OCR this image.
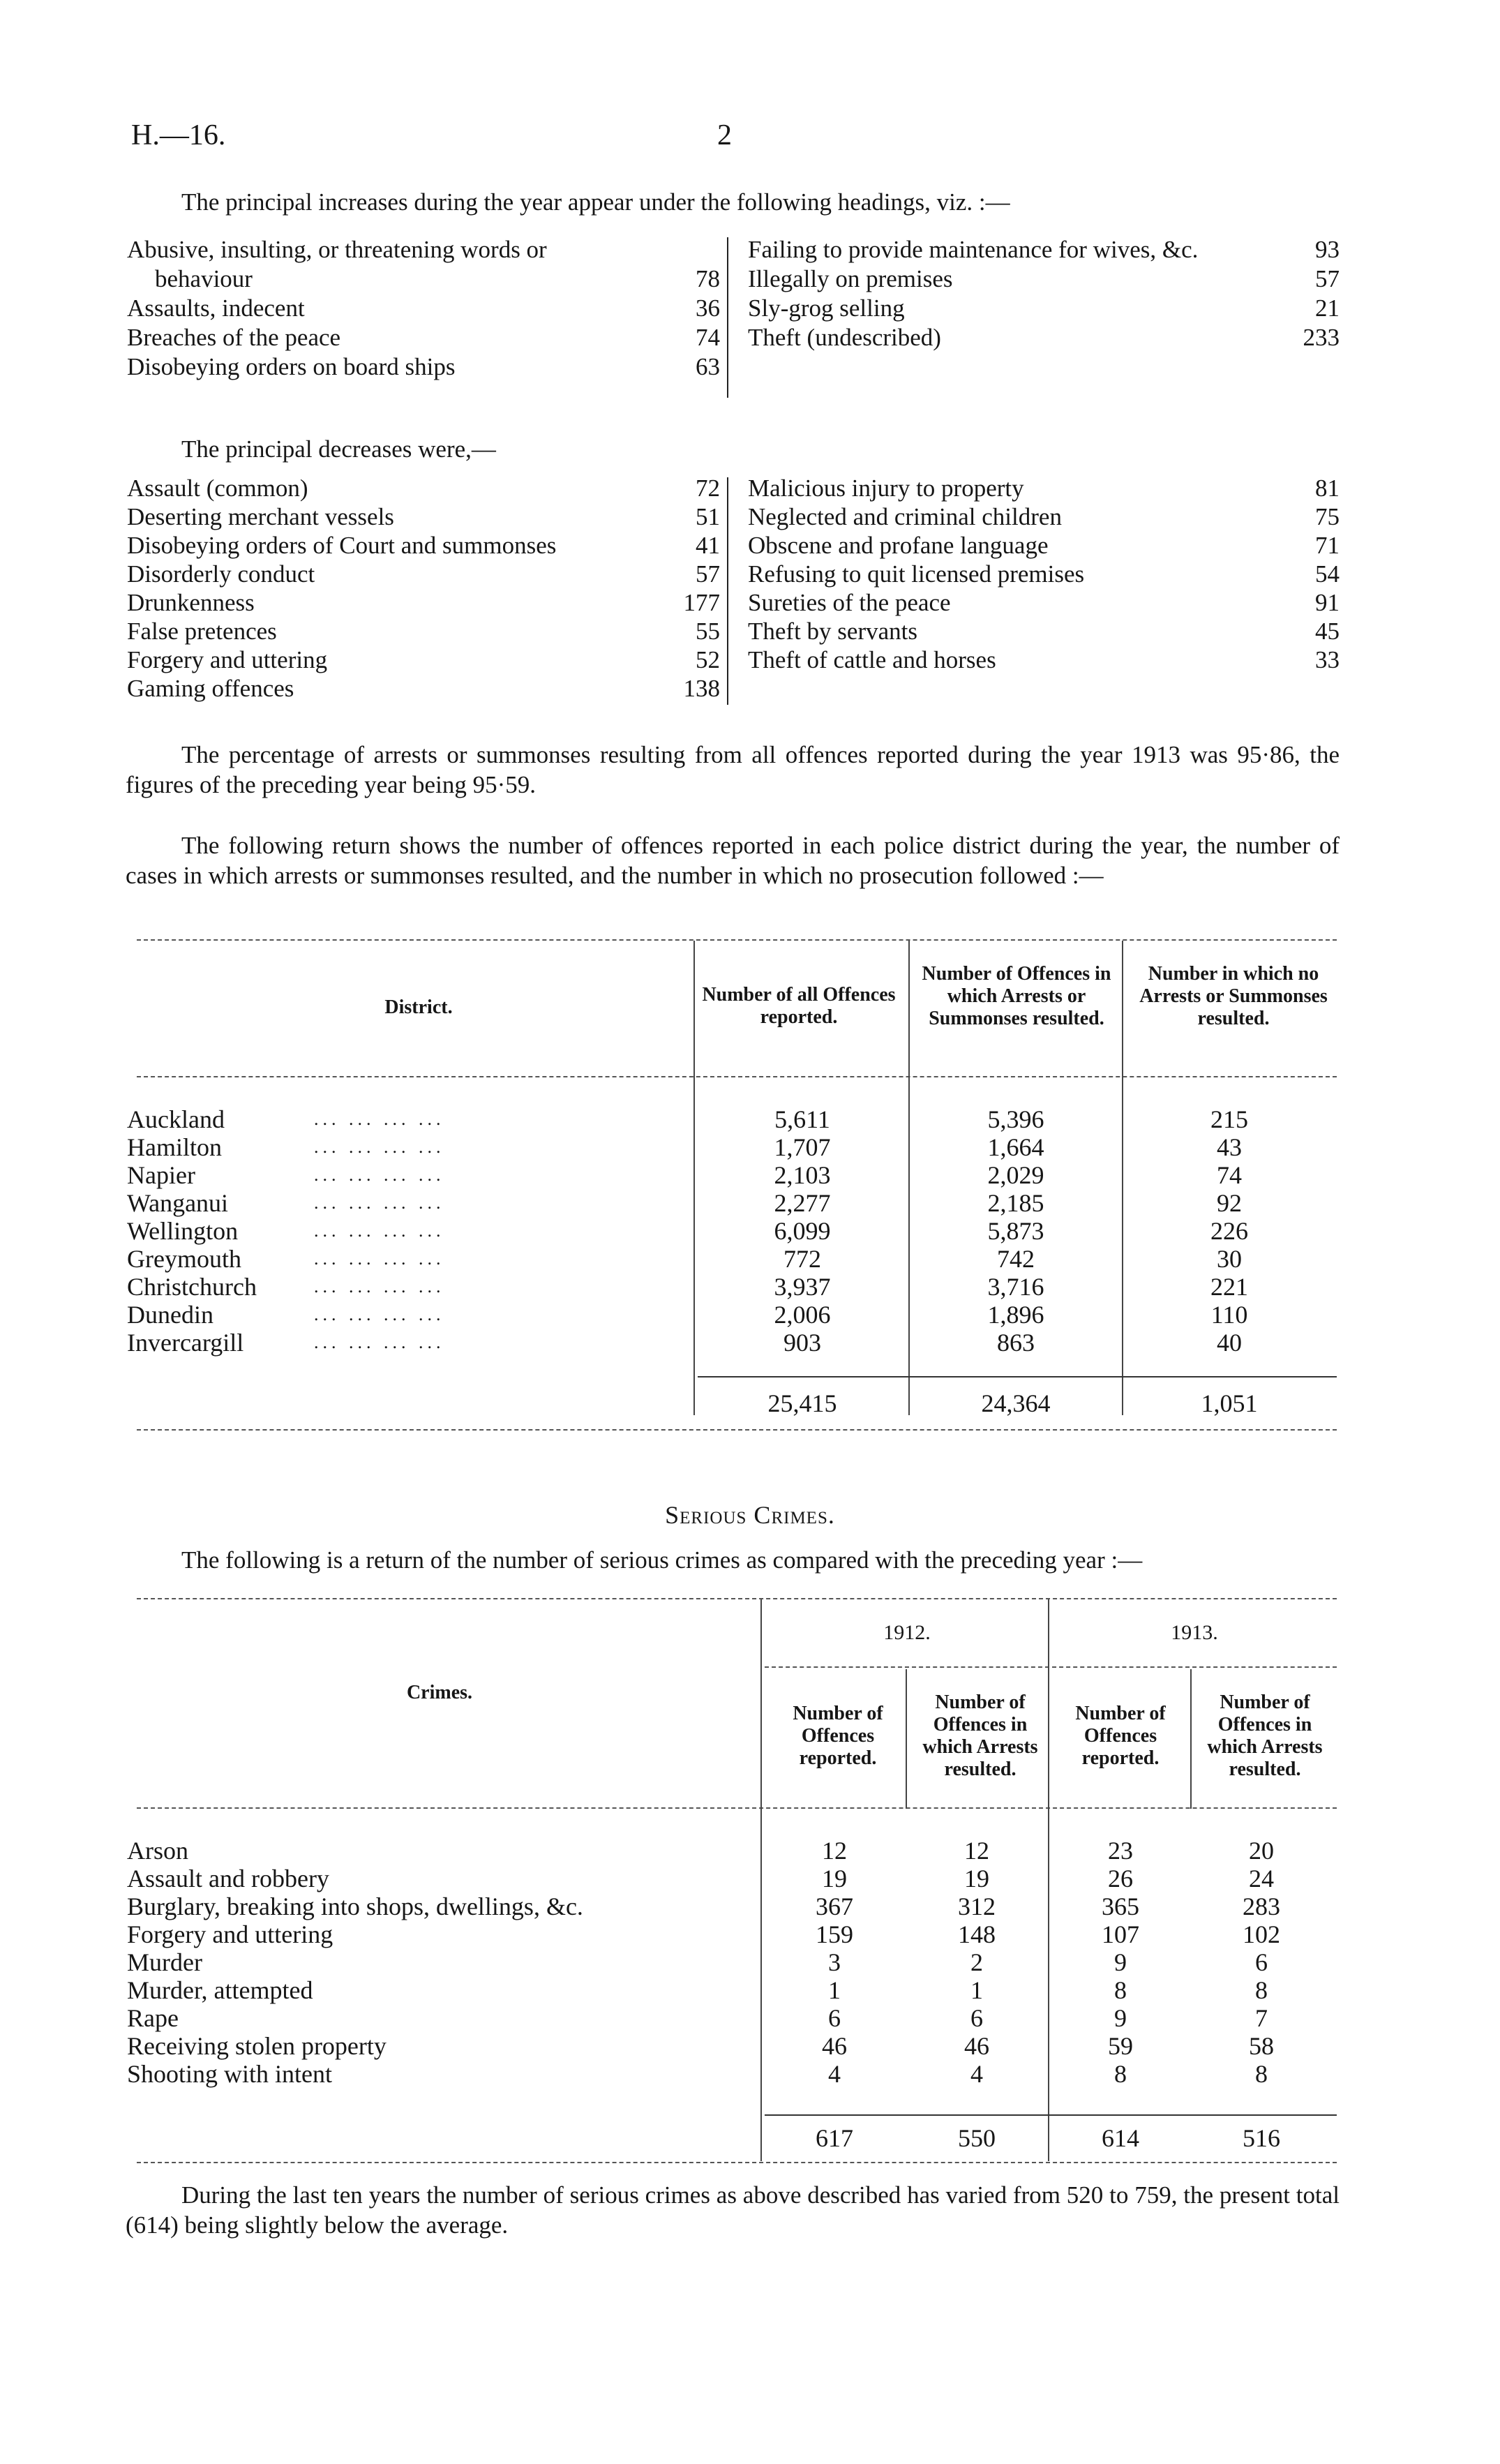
H.—16.	2
The principal increases during the year appear under the following headings, viz. :—
Abusive, insulting, or threatening words or
behaviour	78
Assaults, indecent	36
Breaches of the peace	74
Disobeying orders on board ships	63
Failing to provide maintenance for wives, &c.	93
Illegally on premises	57
Sly-grog selling	21
Theft (undescribed)	233
The principal decreases were,—
Assault (common)	72
Deserting merchant vessels	51
Disobeying orders of Court and summonses	41
Disorderly conduct	57
Drunkenness	177
False pretences	55
Forgery and uttering	52
Gaming offences	138
Malicious injury to property	81
Neglected and criminal children	75
Obscene and profane language	71
Refusing to quit licensed premises	54
Sureties of the peace	91
Theft by servants	45
Theft of cattle and horses	33
The percentage of arrests or summonses resulting from all offences reported during the year 1913 was 95·86, the figures of the preceding year being 95·59.
The following return shows the number of offences reported in each police district during the year, the number of cases in which arrests or summonses resulted, and the number in which no prosecution followed :—
District.
Number of all Offences reported.
Number of Offences in which Arrests or Summonses resulted.
Number in which no Arrests or Summonses resulted.
Auckland	... ... ... ...	5,611	5,396	215
Hamilton	... ... ... ...	1,707	1,664	43
Napier	... ... ... ...	2,103	2,029	74
Wanganui	... ... ... ...	2,277	2,185	92
Wellington	... ... ... ...	6,099	5,873	226
Greymouth	... ... ... ...	772	742	30
Christchurch	... ... ... ...	3,937	3,716	221
Dunedin	... ... ... ...	2,006	1,896	110
Invercargill	... ... ... ...	903	863	40
25,415	24,364	1,051
Serious Crimes.
The following is a return of the number of serious crimes as compared with the preceding year :—
1912.	1913.
Crimes.
Number of Offences reported.
Number of Offences in which Arrests resulted.
Number of Offences reported.
Number of Offences in which Arrests resulted.
Arson	12	12	23	20
Assault and robbery	19	19	26	24
Burglary, breaking into shops, dwellings, &c.	367	312	365	283
Forgery and uttering	159	148	107	102
Murder	3	2	9	6
Murder, attempted	1	1	8	8
Rape	6	6	9	7
Receiving stolen property	46	46	59	58
Shooting with intent	4	4	8	8
617	550	614	516
During the last ten years the number of serious crimes as above described has varied from 520 to 759, the present total (614) being slightly below the average.
